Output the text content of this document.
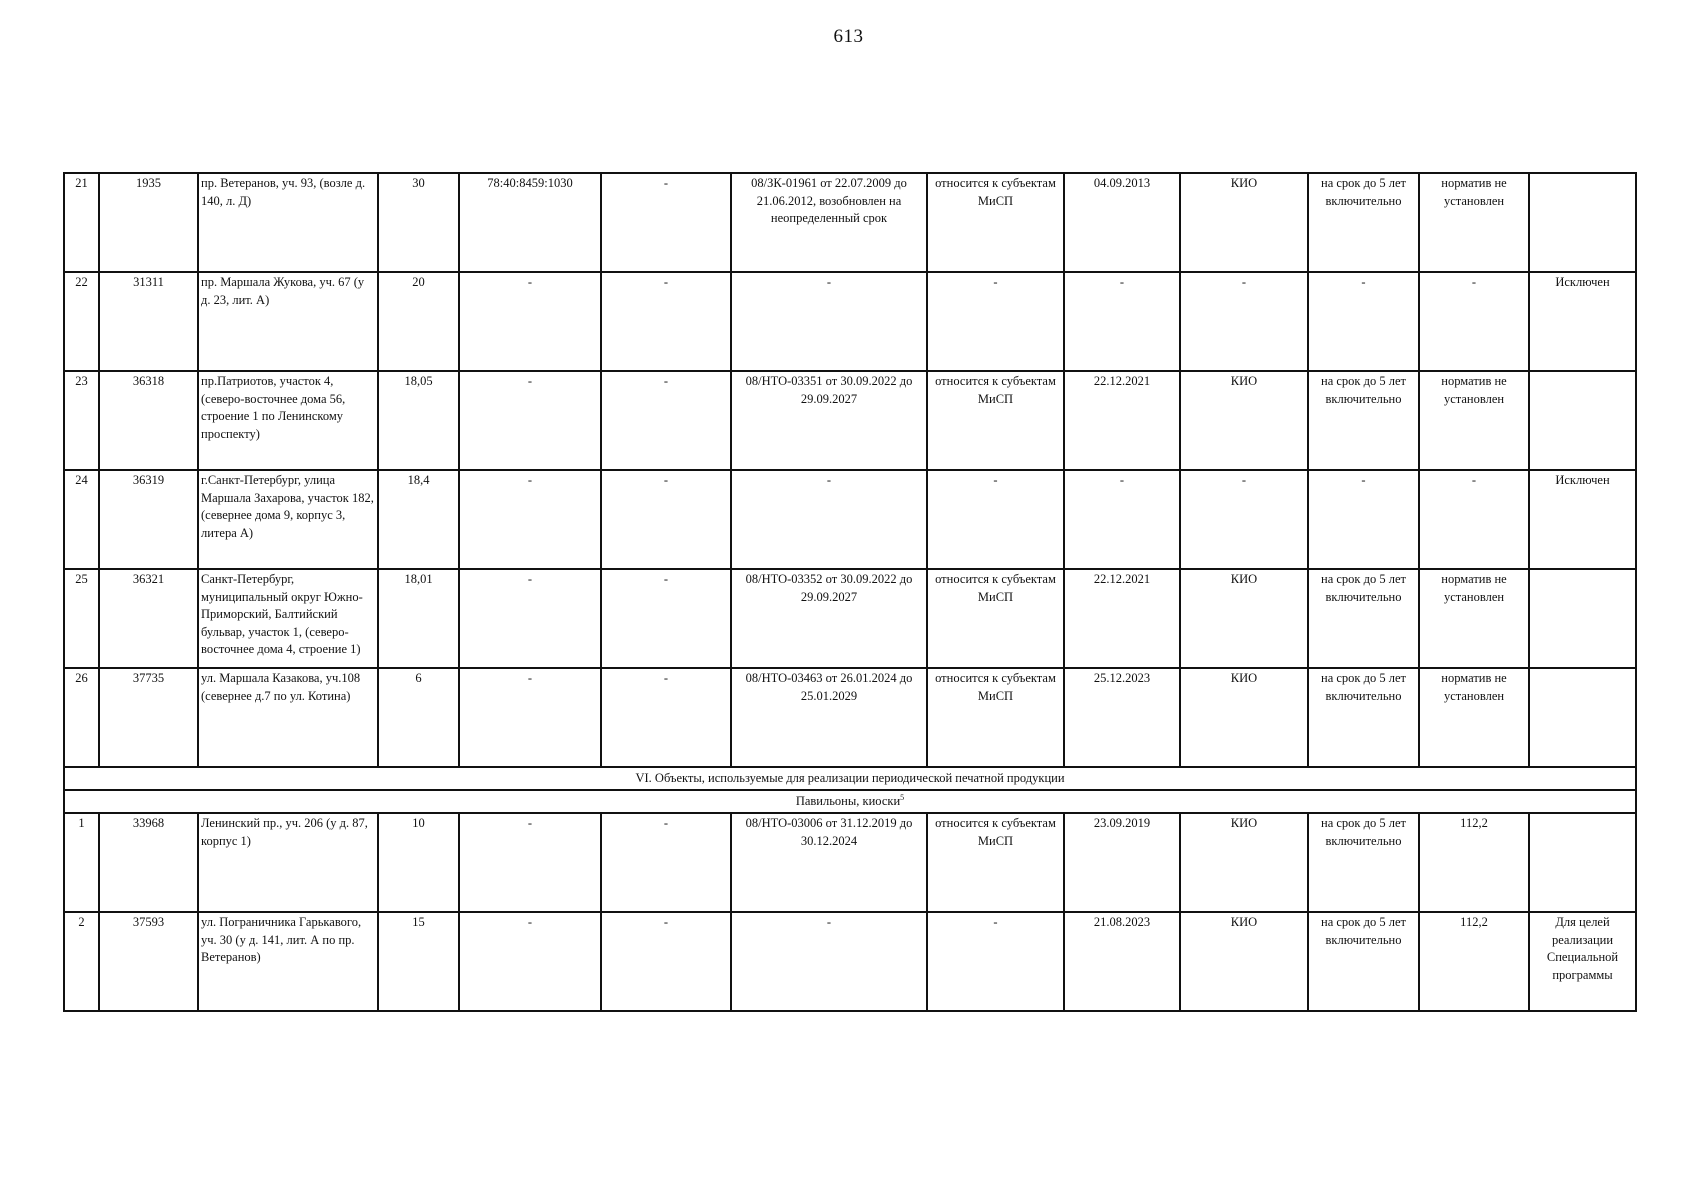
613
21	1935	пр. Ветеранов, уч. 93, (возле д. 140, л. Д)	30	78:40:8459:1030	-	08/ЗК-01961 от 22.07.2009 до 21.06.2012, возобновлен на неопределенный срок	относится к субъектам МиСП	04.09.2013	КИО	на срок до 5 лет включительно	норматив не установлен	
22	31311	пр. Маршала Жукова, уч. 67 (у д. 23, лит. А)	20	-	-	-	-	-	-	-	-	Исключен
23	36318	пр.Патриотов, участок 4, (северо-восточнее дома 56, строение 1 по Ленинскому проспекту)	18,05	-	-	08/НТО-03351 от 30.09.2022 до 29.09.2027	относится к субъектам МиСП	22.12.2021	КИО	на срок до 5 лет включительно	норматив не установлен	
24	36319	г.Санкт-Петербург, улица Маршала Захарова, участок 182, (севернее дома 9, корпус 3, литера А)	18,4	-	-	-	-	-	-	-	-	Исключен
25	36321	Санкт-Петербург, муниципальный округ Южно-Приморский, Балтийский бульвар, участок 1, (северо-восточнее дома 4, строение 1)	18,01	-	-	08/НТО-03352 от 30.09.2022 до 29.09.2027	относится к субъектам МиСП	22.12.2021	КИО	на срок до 5 лет включительно	норматив не установлен	
26	37735	ул. Маршала Казакова, уч.108 (севернее д.7 по ул. Котина)	6	-	-	08/НТО-03463 от 26.01.2024 до 25.01.2029	относится к субъектам МиСП	25.12.2023	КИО	на срок до 5 лет включительно	норматив не установлен	
VI. Объекты, используемые для реализации периодической печатной продукции												
Павильоны, киоски$^5$
1	33968	Ленинский пр., уч. 206 (у д. 87, корпус 1)	10	-	-	08/НТО-03006 от 31.12.2019 до 30.12.2024	относится к субъектам МиСП	23.09.2019	КИО	на срок до 5 лет включительно	112,2	
2	37593	ул. Пограничника Гарькавого, уч. 30 (у д. 141, лит. А по пр. Ветеранов)	15	-	-	-	-	21.08.2023	КИО	на срок до 5 лет включительно	112,2	Для целей реализации Специальной программы
